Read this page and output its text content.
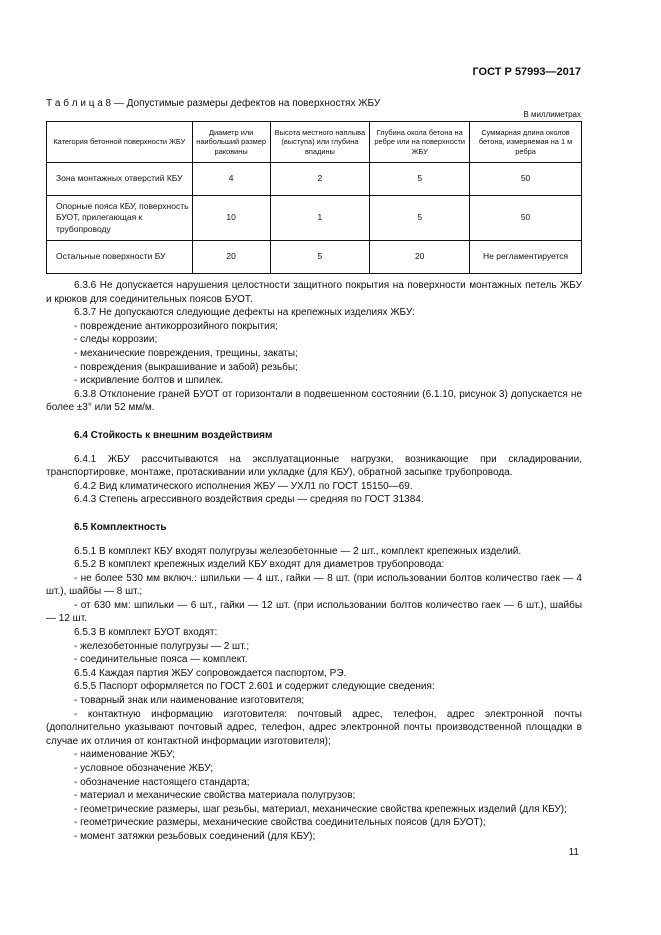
ГОСТ Р 57993—2017
Т а б л и ц а 8 — Допустимые размеры дефектов на поверхностях ЖБУ
В миллиметрах
Категория бетонной поверхности ЖБУ	Диаметр или наибольший размер раковины	Высота местного наплыва (выступа) или глубина впадины	Глубина окола бетона на ребре или на поверхности ЖБУ	Суммарная длина околов бетона, измеряемая на 1 м ребра
Зона монтажных отверстий КБУ	4	2	5	50
Опорные пояса КБУ, поверхность БУОТ, прилегающая к трубопроводу	10	1	5	50
Остальные поверхности БУ	20	5	20	Не регламентируется

6.3.6 Не допускается нарушения целостности защитного покрытия на поверхности монтажных петель ЖБУ и крюков для соединительных поясов БУОТ.

6.3.7 Не допускаются следующие дефекты на крепежных изделиях ЖБУ:

- повреждение антикоррозийного покрытия;

- следы коррозии;

- механические повреждения, трещины, закаты;

- повреждения (выкрашивание и забой) резьбы;

- искривление болтов и шпилек.

6.3.8 Отклонение граней БУОТ от горизонтали в подвешенном состоянии (6.1.10, рисунок 3) допускается не более ±3° или 52 мм/м.

6.4 Стойкость к внешним воздействиям

6.4.1 ЖБУ рассчитываются на эксплуатационные нагрузки, возникающие при складировании, транспортировке, монтаже, протаскивании или укладке (для КБУ), обратной засыпке трубопровода.

6.4.2 Вид климатического исполнения ЖБУ — УХЛ1 по ГОСТ 15150—69.

6.4.3 Степень агрессивного воздействия среды — средняя по ГОСТ 31384.

6.5 Комплектность

6.5.1 В комплект КБУ входят полугрузы железобетонные — 2 шт., комплект крепежных изделий.

6.5.2 В комплект крепежных изделий КБУ входят для диаметров трубопровода:

- не более 530 мм включ.: шпильки — 4 шт., гайки — 8 шт. (при использовании болтов количество гаек — 4 шт.), шайбы — 8 шт.;

- от 630 мм: шпильки — 6 шт., гайки — 12 шт. (при использовании болтов количество гаек — 6 шт.), шайбы — 12 шт.

6.5.3 В комплект БУОТ входят:

- железобетонные полугрузы — 2 шт.;

- соединительные пояса — комплект.

6.5.4 Каждая партия ЖБУ сопровождается паспортом, РЭ.

6.5.5 Паспорт оформляется по ГОСТ 2.601 и содержит следующие сведения:

- товарный знак или наименование изготовителя;

- контактную информацию изготовителя: почтовый адрес, телефон, адрес электронной почты (дополнительно указывают почтовый адрес, телефон, адрес электронной почты производственной площадки в случае их отличия от контактной информации изготовителя);

- наименование ЖБУ;

- условное обозначение ЖБУ;

- обозначение настоящего стандарта;

- материал и механические свойства материала полугрузов;

- геометрические размеры, шаг резьбы, материал, механические свойства крепежных изделий (для КБУ);

- геометрические размеры, механические свойства соединительных поясов (для БУОТ);

- момент затяжки резьбовых соединений (для КБУ);

11
